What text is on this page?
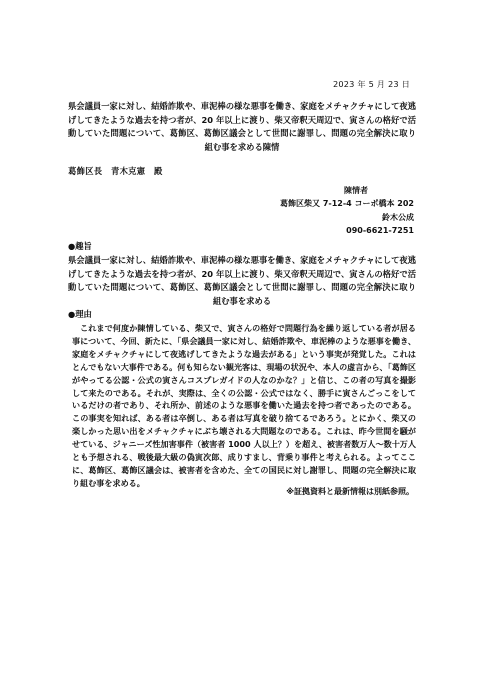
2023 年 5 月 23 日
県会議員一家に対し、結婚詐欺や、車泥棒の様な悪事を働き、家庭をメチャクチャにして夜逃げしてきたような過去を持つ者が、20 年以上に渡り、柴又帝釈天周辺で、寅さんの格好で活動していた問題について、葛飾区、葛飾区議会として世間に謝罪し、問題の完全解決に取り組む事を求める陳情
葛飾区長　青木克憲　殿
陳情者
葛飾区柴又 7-12-4 コーポ橋本 202
鈴木公成
090-6621-7251
●趣旨
県会議員一家に対し、結婚詐欺や、車泥棒の様な悪事を働き、家庭をメチャクチャにして夜逃げしてきたような過去を持つ者が、20 年以上に渡り、柴又帝釈天周辺で、寅さんの格好で活動していた問題について、葛飾区、葛飾区議会として世間に謝罪し、問題の完全解決に取り組む事を求める
●理由
これまで何度か陳情している、柴又で、寅さんの格好で問題行為を繰り返している者が居る事について、今回、新たに、「県会議員一家に対し、結婚詐欺や、車泥棒のような悪事を働き、家庭をメチャクチャにして夜逃げしてきたような過去がある」という事実が発覚した。これはとんでもない大事件である。何も知らない観光客は、現場の状況や、本人の虚言から、「葛飾区がやってる公認・公式の寅さんコスプレガイドの人なのかな？」と信じ、この者の写真を撮影して来たのである。それが、実際は、全くの公認・公式ではなく、勝手に寅さんごっこをしているだけの者であり、それ所か、前述のような悪事を働いた過去を持つ者であったのである。この事実を知れば、ある者は卒倒し、ある者は写真を破り捨てるであろう。とにかく、柴又の楽しかった思い出をメチャクチャにぶち壊される大問題なのである。これは、昨今世間を騒がせている、ジャニーズ性加害事件（被害者 1000 人以上？）を超え、被害者数万人～数十万人とも予想される、戦後最大級の偽寅次郎、成りすまし、背乗り事件と考えられる。よってここに、葛飾区、葛飾区議会は、被害者を含めた、全ての国民に対し謝罪し、問題の完全解決に取り組む事を求める。
※証拠資料と最新情報は別紙参照。
